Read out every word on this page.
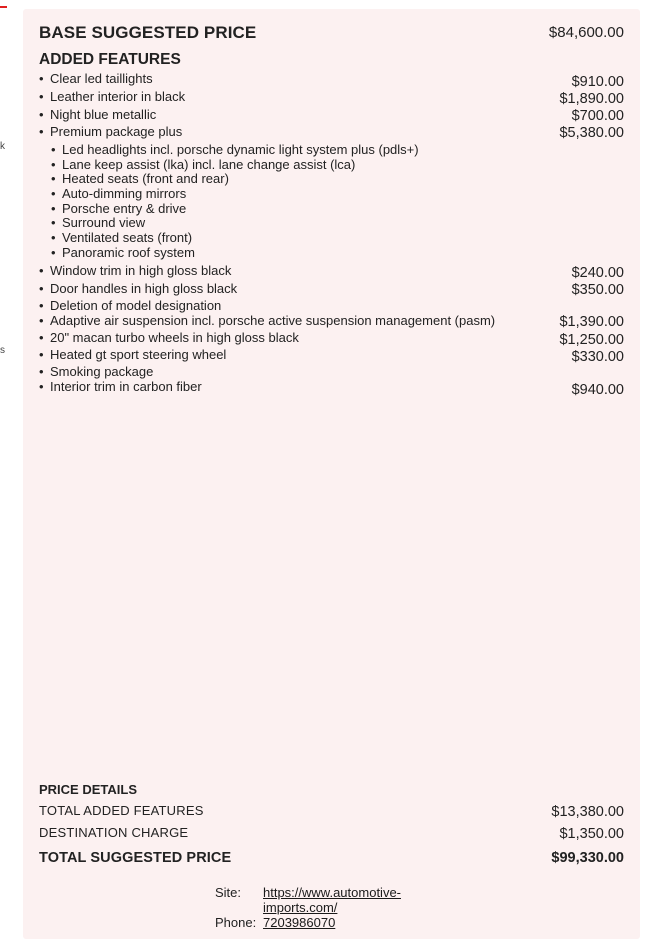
k
s
BASE SUGGESTED PRICE	$84,600.00
ADDED FEATURES
• Clear led taillights	$910.00
• Leather interior in black	$1,890.00
• Night blue metallic	$700.00
• Premium package plus	$5,380.00
• Led headlights incl. porsche dynamic light system plus (pdls+)
• Lane keep assist (lka) incl. lane change assist (lca)
• Heated seats (front and rear)
• Auto-dimming mirrors
• Porsche entry & drive
• Surround view
• Ventilated seats (front)
• Panoramic roof system
• Window trim in high gloss black	$240.00
• Door handles in high gloss black	$350.00
• Deletion of model designation
• Adaptive air suspension incl. porsche active suspension management (pasm)	$1,390.00
• 20" macan turbo wheels in high gloss black	$1,250.00
• Heated gt sport steering wheel	$330.00
• Smoking package
• Interior trim in carbon fiber	$940.00
PRICE DETAILS
TOTAL ADDED FEATURES	$13,380.00
DESTINATION CHARGE	$1,350.00
TOTAL SUGGESTED PRICE	$99,330.00
Site: https://www.automotive-
imports.com/
Phone: 7203986070
